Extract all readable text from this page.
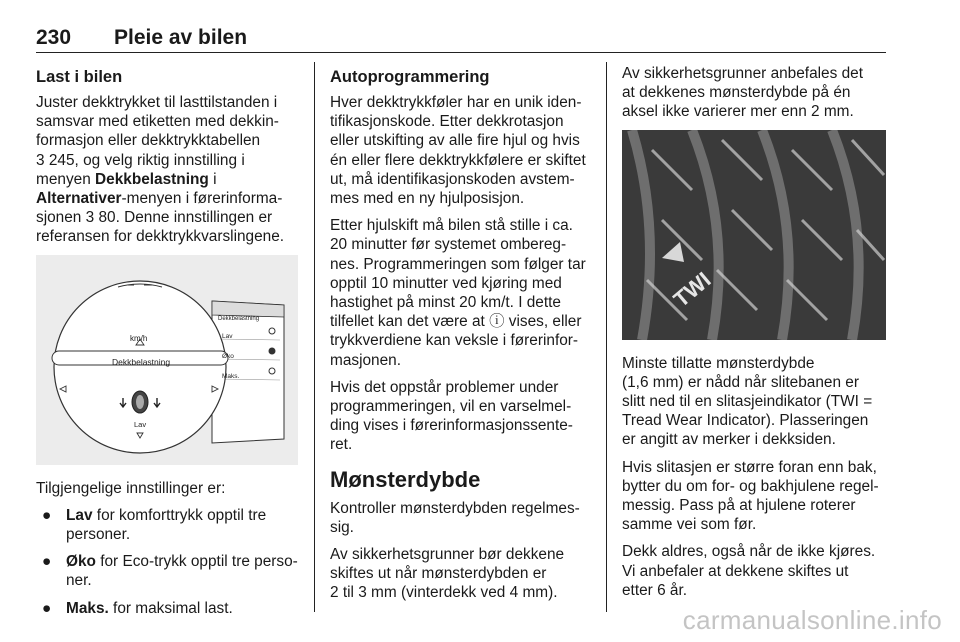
230 Pleie av bilen
Last i bilen

Juster dekktrykket til lasttilstanden i
samsvar med etiketten med dekkin-
formasjon eller dekktrykktabellen
3 245, og velg riktig innstilling i
menyen Dekkbelastning i
Alternativer-menyen i førerinforma-
sjonen 3 80. Denne innstillingen er
referansen for dekktrykkvarslingene.

km/h
Dekkbelastning
Lav
Dekkbelastning
Lav
Øko
Maks.

Tilgjengelige innstillinger er:

● Lav for komforttrykk opptil tre
personer.
● Øko for Eco-trykk opptil tre perso-
ner.
● Maks. for maksimal last.
Autoprogrammering

Hver dekktrykkføler har en unik iden-
tifikasjonskode. Etter dekkrotasjon
eller utskifting av alle fire hjul og hvis
én eller flere dekktrykkfølere er skiftet
ut, må identifikasjonskoden avstem-
mes med en ny hjulposisjon.

Etter hjulskift må bilen stå stille i ca.
20 minutter før systemet ombereg-
nes. Programmeringen som følger tar
opptil 10 minutter ved kjøring med
hastighet på minst 20 km/t. I dette
tilfellet kan det være at ⓘ vises, eller
trykkverdiene kan veksle i førerinfor-
masjonen.

Hvis det oppstår problemer under
programmeringen, vil en varselmel-
ding vises i førerinformasjonssente-
ret.

Mønsterdybde

Kontroller mønsterdybden regelmes-
sig.

Av sikkerhetsgrunner bør dekkene
skiftes ut når mønsterdybden er
2 til 3 mm (vinterdekk ved 4 mm).

Av sikkerhetsgrunner anbefales det
at dekkenes mønsterdybde på én
aksel ikke varierer mer enn 2 mm.

TWI

Minste tillatte mønsterdybde
(1,6 mm) er nådd når slitebanen er
slitt ned til en slitasjeindikator (TWI =
Tread Wear Indicator). Plasseringen
er angitt av merker i dekksiden.

Hvis slitasjen er større foran enn bak,
bytter du om for- og bakhjulene regel-
messig. Pass på at hjulene roterer
samme vei som før.

Dekk aldres, også når de ikke kjøres.
Vi anbefaler at dekkene skiftes ut
etter 6 år.

carmanualsonline.info
